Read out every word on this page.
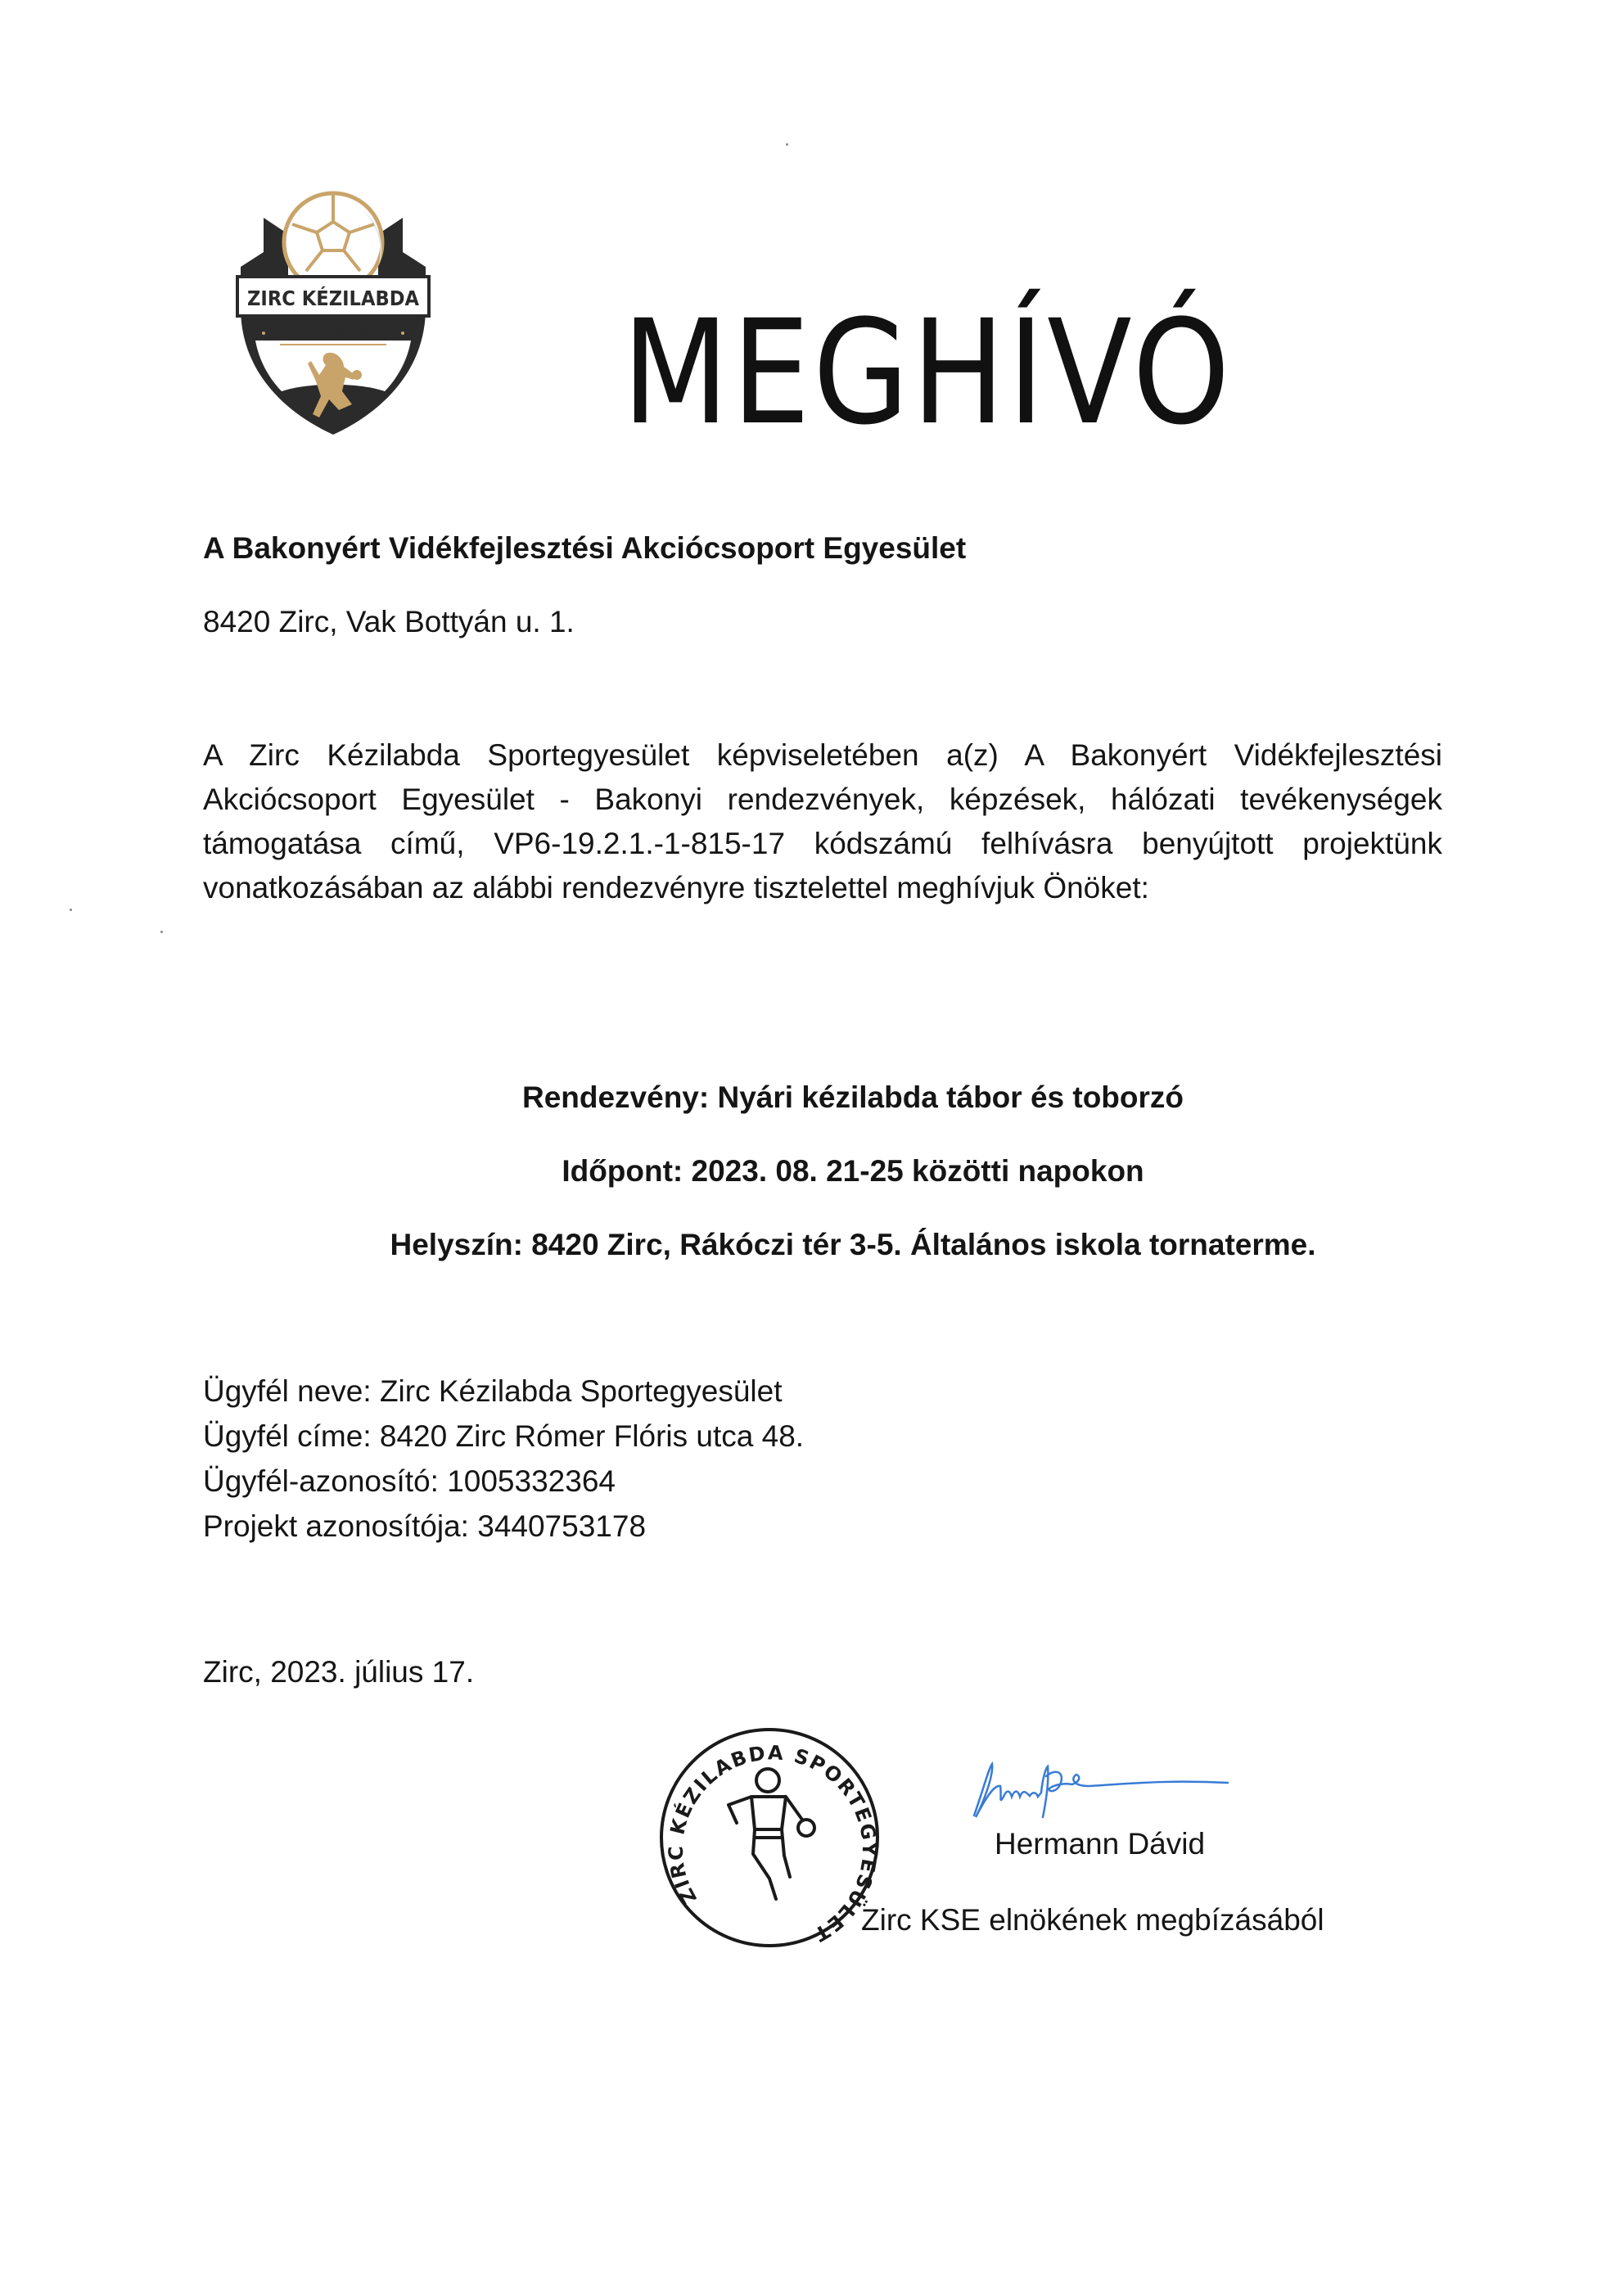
ZIRC KÉZILABDA
SPORTEGYESÜLET MEGHÍVÓ
A Bakonyért Vidékfejlesztési Akciócsoport Egyesület
8420 Zirc, Vak Bottyán u. 1.
A Zirc Kézilabda Sportegyesület képviseletében a(z) A Bakonyért Vidékfejlesztési Akciócsoport Egyesület - Bakonyi rendezvények, képzések, hálózati tevékenységek támogatása című, VP6-19.2.1.-1-815-17 kódszámú felhívásra benyújtott projektünk vonatkozásában az alábbi rendezvényre tisztelettel meghívjuk Önöket:
Rendezvény: Nyári kézilabda tábor és toborzó
Időpont: 2023. 08. 21-25 közötti napokon
Helyszín: 8420 Zirc, Rákóczi tér 3-5. Általános iskola tornaterme.
Ügyfél neve: Zirc Kézilabda Sportegyesület
Ügyfél címe: 8420 Zirc Rómer Flóris utca 48.
Ügyfél-azonosító: 1005332364
Projekt azonosítója: 3440753178
Zirc, 2023. július 17.
ZIRC KÉZILABDA SPORTEGYESÜLET
Hermann Dávid
Zirc KSE elnökének megbízásából
